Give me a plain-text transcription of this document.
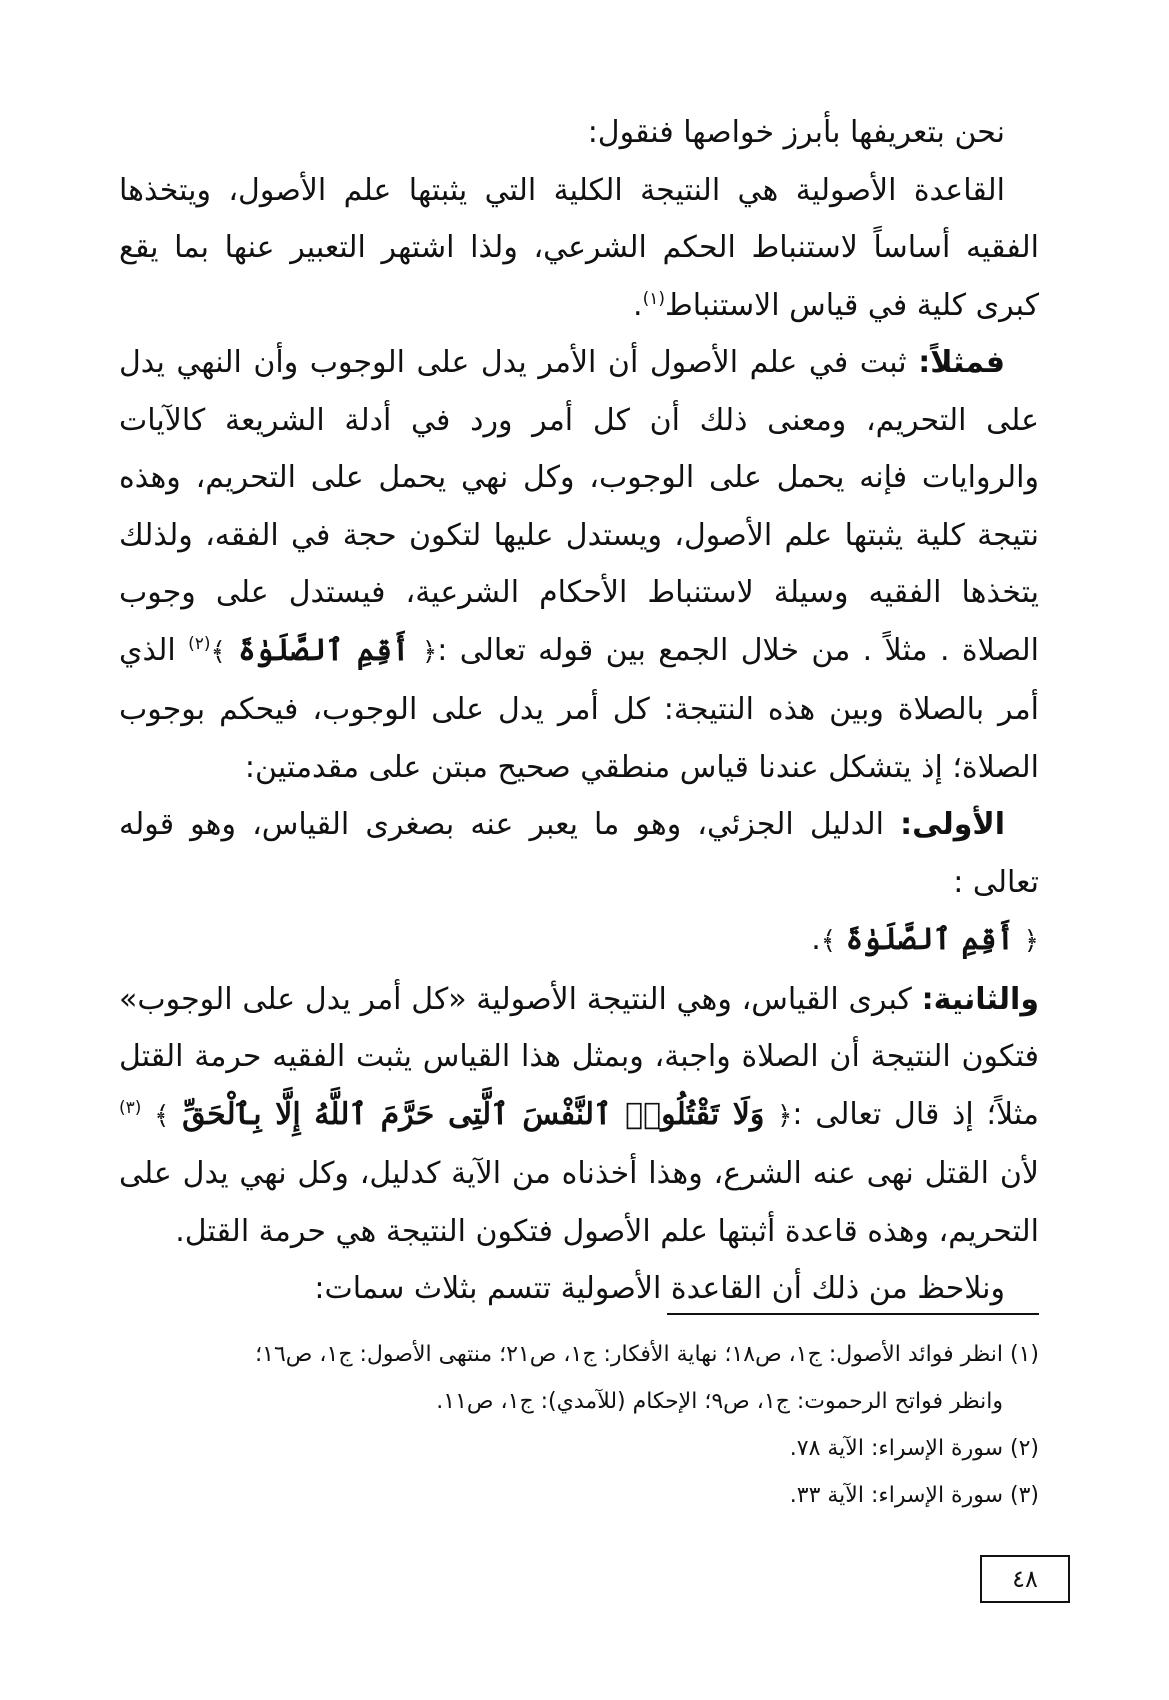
نحن بتعريفها بأبرز خواصها فنقول:

القاعدة الأصولية هي النتيجة الكلية التي يثبتها علم الأصول، ويتخذها الفقيه أساساً لاستنباط الحكم الشرعي، ولذا اشتهر التعبير عنها بما يقع كبرى كلية في قياس الاستنباط$^{(١)}$.

فمثلاً: ثبت في علم الأصول أن الأمر يدل على الوجوب وأن النهي يدل على التحريم، ومعنى ذلك أن كل أمر ورد في أدلة الشريعة كالآيات والروايات فإنه يحمل على الوجوب، وكل نهي يحمل على التحريم، وهذه نتيجة كلية يثبتها علم الأصول، ويستدل عليها لتكون حجة في الفقه، ولذلك يتخذها الفقيه وسيلة لاستنباط الأحكام الشرعية، فيستدل على وجوب الصلاة . مثلاً . من خلال الجمع بين قوله تعالى :﴿ أَقِمِ ٱلصَّلَوٰةَ ﴾$^{(٢)}$ الذي أمر بالصلاة وبين هذه النتيجة: كل أمر يدل على الوجوب، فيحكم بوجوب الصلاة؛ إذ يتشكل عندنا قياس منطقي صحيح مبتن على مقدمتين:

الأولى: الدليل الجزئي، وهو ما يعبر عنه بصغرى القياس، وهو قوله تعالى :
﴿ أَقِمِ ٱلصَّلَوٰةَ ﴾.

والثانية: كبرى القياس، وهي النتيجة الأصولية «كل أمر يدل على الوجوب» فتكون النتيجة أن الصلاة واجبة، وبمثل هذا القياس يثبت الفقيه حرمة القتل مثلاً؛ إذ قال تعالى :﴿ وَلَا تَقْتُلُوا۟ ٱلنَّفْسَ ٱلَّتِى حَرَّمَ ٱللَّهُ إِلَّا بِٱلْحَقِّ ﴾ $^{(٣)}$ لأن القتل نهى عنه الشرع، وهذا أخذناه من الآية كدليل، وكل نهي يدل على التحريم، وهذه قاعدة أثبتها علم الأصول فتكون النتيجة هي حرمة القتل.

ونلاحظ من ذلك أن القاعدة الأصولية تتسم بثلاث سمات:

(١) انظر فوائد الأصول: ج١، ص١٨؛ نهاية الأفكار: ج١، ص٢١؛ منتهى الأصول: ج١، ص١٦؛

وانظر فواتح الرحموت: ج١، ص٩؛ الإحكام (للآمدي): ج١، ص١١.

(٢) سورة الإسراء: الآية ٧٨.

(٣) سورة الإسراء: الآية ٣٣.

٤٨
